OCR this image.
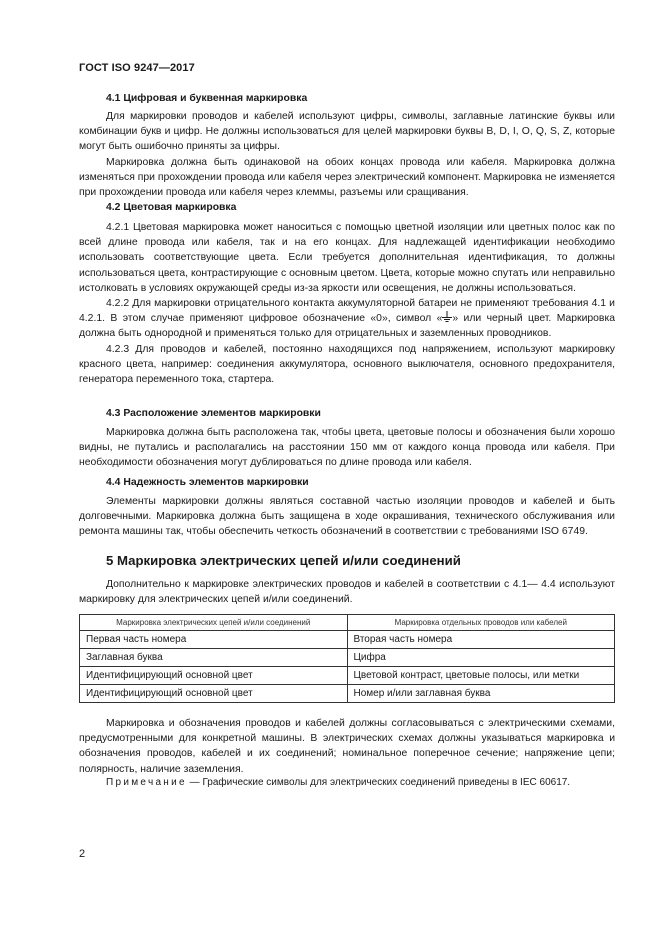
ГОСТ ISO 9247—2017
4.1 Цифровая и буквенная маркировка

Для маркировки проводов и кабелей используют цифры, символы, заглавные латинские буквы или комбинации букв и цифр. Не должны использоваться для целей маркировки буквы B, D, I, O, Q, S, Z, которые могут быть ошибочно приняты за цифры.

Маркировка должна быть одинаковой на обоих концах провода или кабеля. Маркировка должна изменяться при прохождении провода или кабеля через электрический компонент. Маркировка не изменяется при прохождении провода или кабеля через клеммы, разъемы или сращивания.

4.2 Цветовая маркировка

4.2.1 Цветовая маркировка может наноситься с помощью цветной изоляции или цветных полос как по всей длине провода или кабеля, так и на его концах. Для надлежащей идентификации необходимо использовать соответствующие цвета. Если требуется дополнительная идентификация, то должны использоваться цвета, контрастирующие с основным цветом. Цвета, которые можно спутать или неправильно истолковать в условиях окружающей среды из-за яркости или освещения, не должны использоваться.

4.2.2 Для маркировки отрицательного контакта аккумуляторной батареи не применяют требования 4.1 и 4.2.1. В этом случае применяют цифровое обозначение «0», символ « » или черный цвет. Маркировка должна быть однородной и применяться только для отрицательных и заземленных проводников.

4.2.3 Для проводов и кабелей, постоянно находящихся под напряжением, используют маркировку красного цвета, например: соединения аккумулятора, основного выключателя, основного предохранителя, генератора переменного тока, стартера.

4.3 Расположение элементов маркировки

Маркировка должна быть расположена так, чтобы цвета, цветовые полосы и обозначения были хорошо видны, не путались и располагались на расстоянии 150 мм от каждого конца провода или кабеля. При необходимости обозначения могут дублироваться по длине провода или кабеля.

4.4 Надежность элементов маркировки

Элементы маркировки должны являться составной частью изоляции проводов и кабелей и быть долговечными. Маркировка должна быть защищена в ходе окрашивания, технического обслуживания или ремонта машины так, чтобы обеспечить четкость обозначений в соответствии с требованиями ISO 6749.

5 Маркировка электрических цепей и/или соединений

Дополнительно к маркировке электрических проводов и кабелей в соответствии с 4.1— 4.4 используют маркировку для электрических цепей и/или соединений.

Маркировка электрических цепей и/или соединений	Маркировка отдельных проводов или кабелей
Первая часть номера	Вторая часть номера
Заглавная буква	Цифра
Идентифицирующий основной цвет	Цветовой контраст, цветовые полосы, или метки
Идентифицирующий основной цвет	Номер и/или заглавная буква

Маркировка и обозначения проводов и кабелей должны согласовываться с электрическими схемами, предусмотренными для конкретной машины. В электрических схемах должны указываться маркировка и обозначения проводов, кабелей и их соединений; номинальное поперечное сечение; напряжение цепи; полярность, наличие заземления.

Примечание — Графические символы для электрических соединений приведены в IEC 60617.

2
